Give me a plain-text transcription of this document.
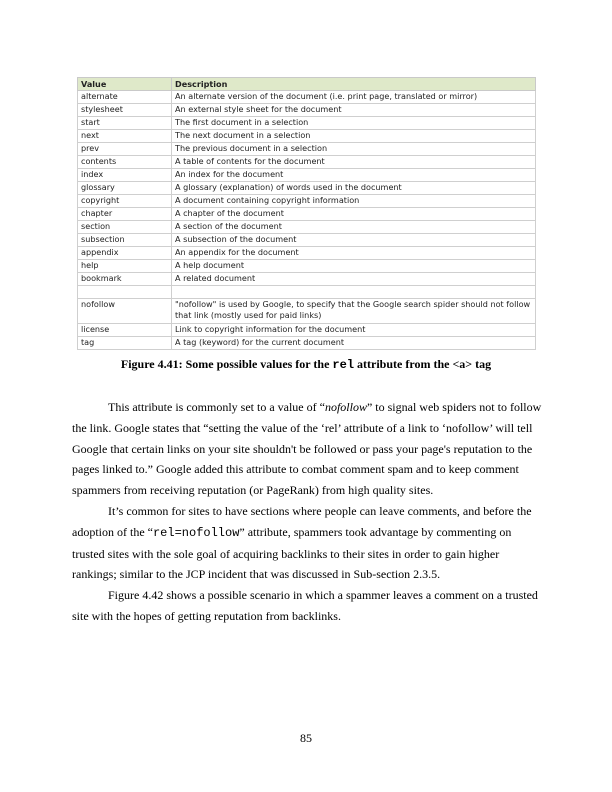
Value	Description
alternate	An alternate version of the document (i.e. print page, translated or mirror)
stylesheet	An external style sheet for the document
start	The first document in a selection
next	The next document in a selection
prev	The previous document in a selection
contents	A table of contents for the document
index	An index for the document
glossary	A glossary (explanation) of words used in the document
copyright	A document containing copyright information
chapter	A chapter of the document
section	A section of the document
subsection	A subsection of the document
appendix	An appendix for the document
help	A help document
bookmark	A related document

nofollow	"nofollow" is used by Google, to specify that the Google search spider should not follow that link (mostly used for paid links)
license	Link to copyright information for the document
tag	A tag (keyword) for the current document
Figure 4.41: Some possible values for the rel attribute from the <a> tag

This attribute is commonly set to a value of “nofollow” to signal web spiders not to follow the link. Google states that “setting the value of the ‘rel’ attribute of a link to ‘nofollow’ will tell Google that certain links on your site shouldn't be followed or pass your page's reputation to the pages linked to.” Google added this attribute to combat comment spam and to keep comment spammers from receiving reputation (or PageRank) from high quality sites.

It’s common for sites to have sections where people can leave comments, and before the adoption of the “rel=nofollow” attribute, spammers took advantage by commenting on trusted sites with the sole goal of acquiring backlinks to their sites in order to gain higher rankings; similar to the JCP incident that was discussed in Sub-section 2.3.5.

Figure 4.42 shows a possible scenario in which a spammer leaves a comment on a trusted site with the hopes of getting reputation from backlinks.

85
